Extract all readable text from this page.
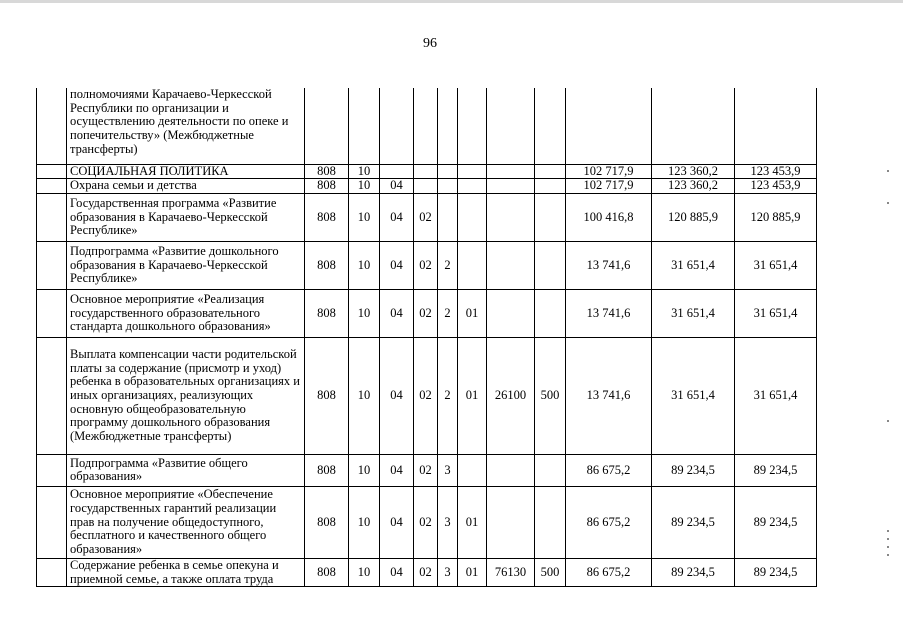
96
	полномочиями Карачаево-Черкесской Республики по организации и осуществлению деятельности по опеке и попечительству» (Межбюджетные трансферты)											
	СОЦИАЛЬНАЯ ПОЛИТИКА	808	10							102 717,9	123 360,2	123 453,9
	Охрана семьи и детства	808	10	04						102 717,9	123 360,2	123 453,9
	Государственная программа «Развитие образования в Карачаево-Черкесской Республике»	808	10	04	02					100 416,8	120 885,9	120 885,9
	Подпрограмма «Развитие дошкольного образования в Карачаево-Черкесской Республике»	808	10	04	02	2				13 741,6	31 651,4	31 651,4
	Основное мероприятие «Реализация государственного образовательного стандарта дошкольного образования»	808	10	04	02	2	01			13 741,6	31 651,4	31 651,4
	Выплата компенсации части родительской платы за содержание (присмотр и уход) ребенка в образовательных организациях и иных организациях, реализующих основную общеобразовательную программу дошкольного образования (Межбюджетные трансферты)	808	10	04	02	2	01	26100	500	13 741,6	31 651,4	31 651,4
	Подпрограмма «Развитие общего образования»	808	10	04	02	3				86 675,2	89 234,5	89 234,5
	Основное мероприятие «Обеспечение государственных гарантий реализации прав на получение общедоступного, бесплатного и качественного общего образования»	808	10	04	02	3	01			86 675,2	89 234,5	89 234,5
	Содержание ребенка в семье опекуна и приемной семье, а также оплата труда	808	10	04	02	3	01	76130	500	86 675,2	89 234,5	89 234,5
